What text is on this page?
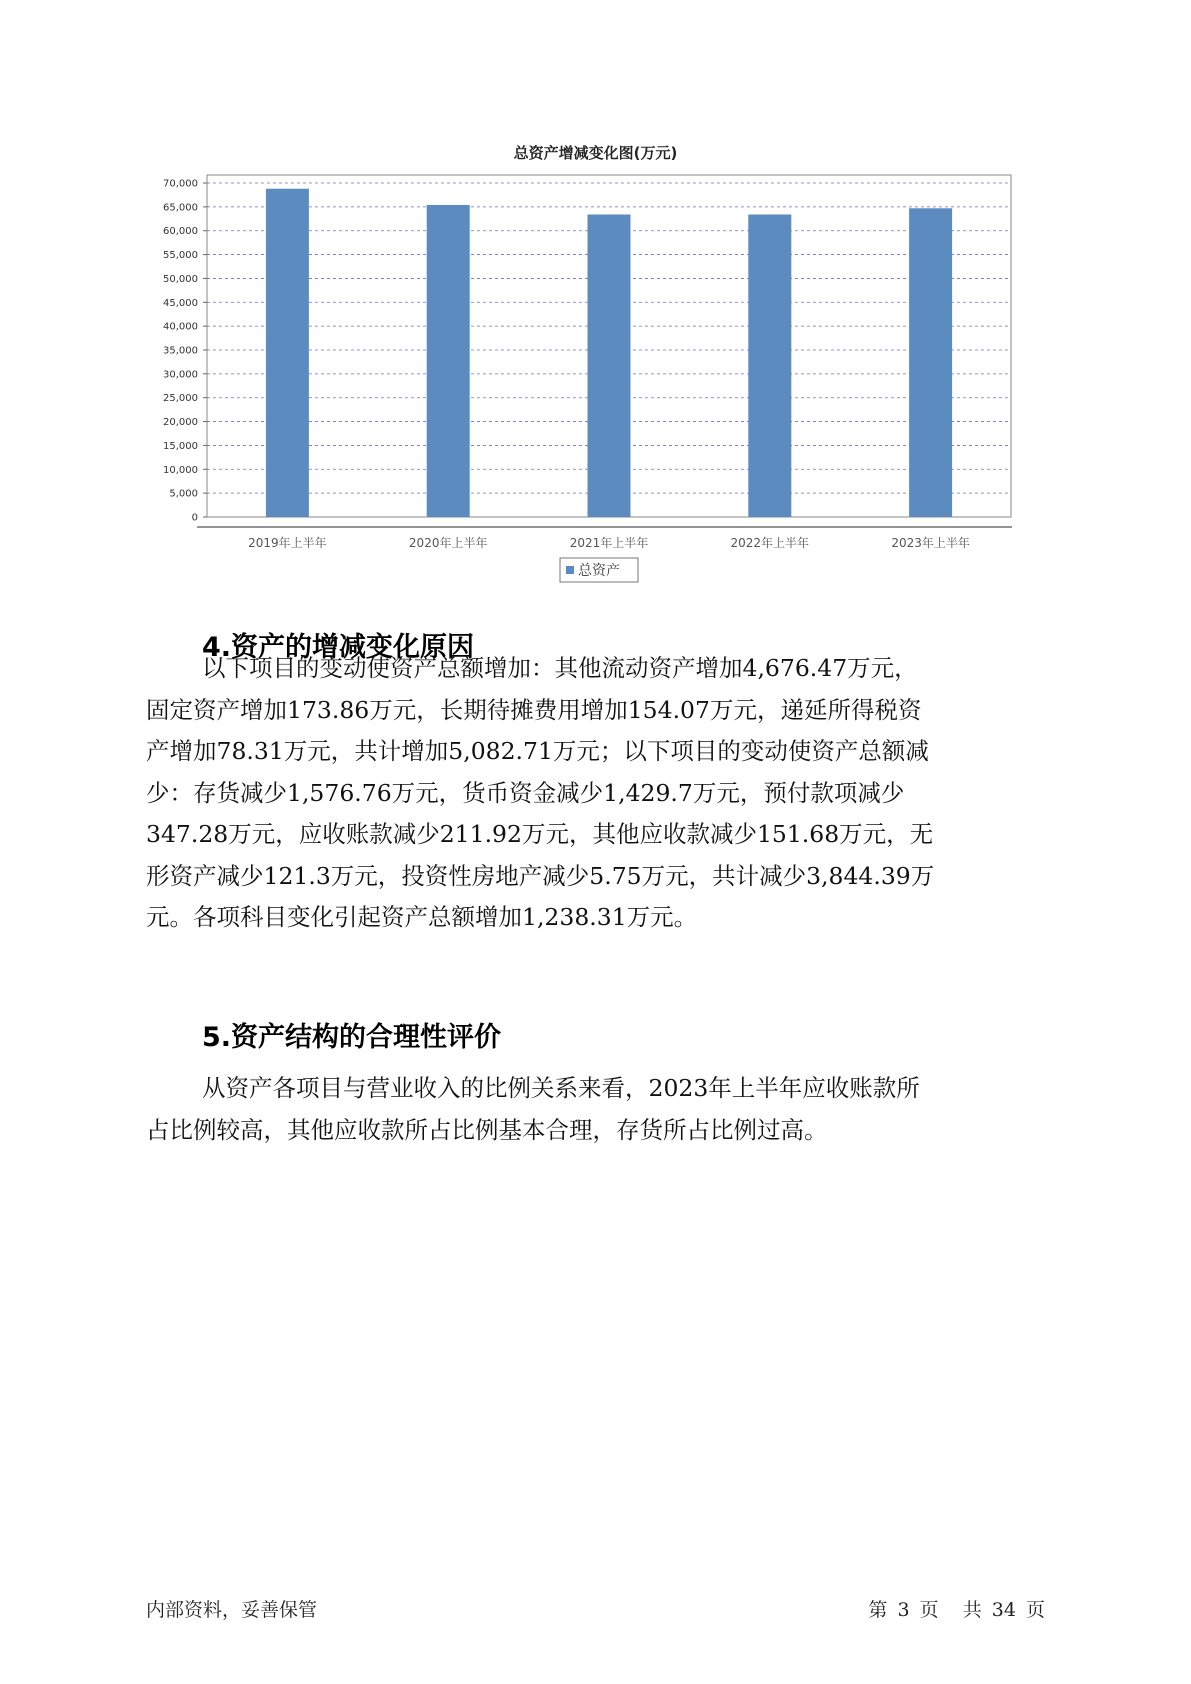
总资产增减变化图(万元)
0
5,000
10,000
15,000
20,000
25,000
30,000
35,000
40,000
45,000
50,000
55,000
60,000
65,000
70,000
2019年上半年	2020年上半年	2021年上半年	2022年上半年	2023年上半年
总资产
4.资产的增减变化原因
以下项目的变动使资产总额增加：其他流动资产增加4,676.47万元，
固定资产增加173.86万元，长期待摊费用增加154.07万元，递延所得税资
产增加78.31万元，共计增加5,082.71万元；以下项目的变动使资产总额减
少：存货减少1,576.76万元，货币资金减少1,429.7万元，预付款项减少
347.28万元，应收账款减少211.92万元，其他应收款减少151.68万元，无
形资产减少121.3万元，投资性房地产减少5.75万元，共计减少3,844.39万
元。各项科目变化引起资产总额增加1,238.31万元。
5.资产结构的合理性评价
从资产各项目与营业收入的比例关系来看，2023年上半年应收账款所
占比例较高，其他应收款所占比例基本合理，存货所占比例过高。
内部资料，妥善保管	第 3 页 共 34 页
